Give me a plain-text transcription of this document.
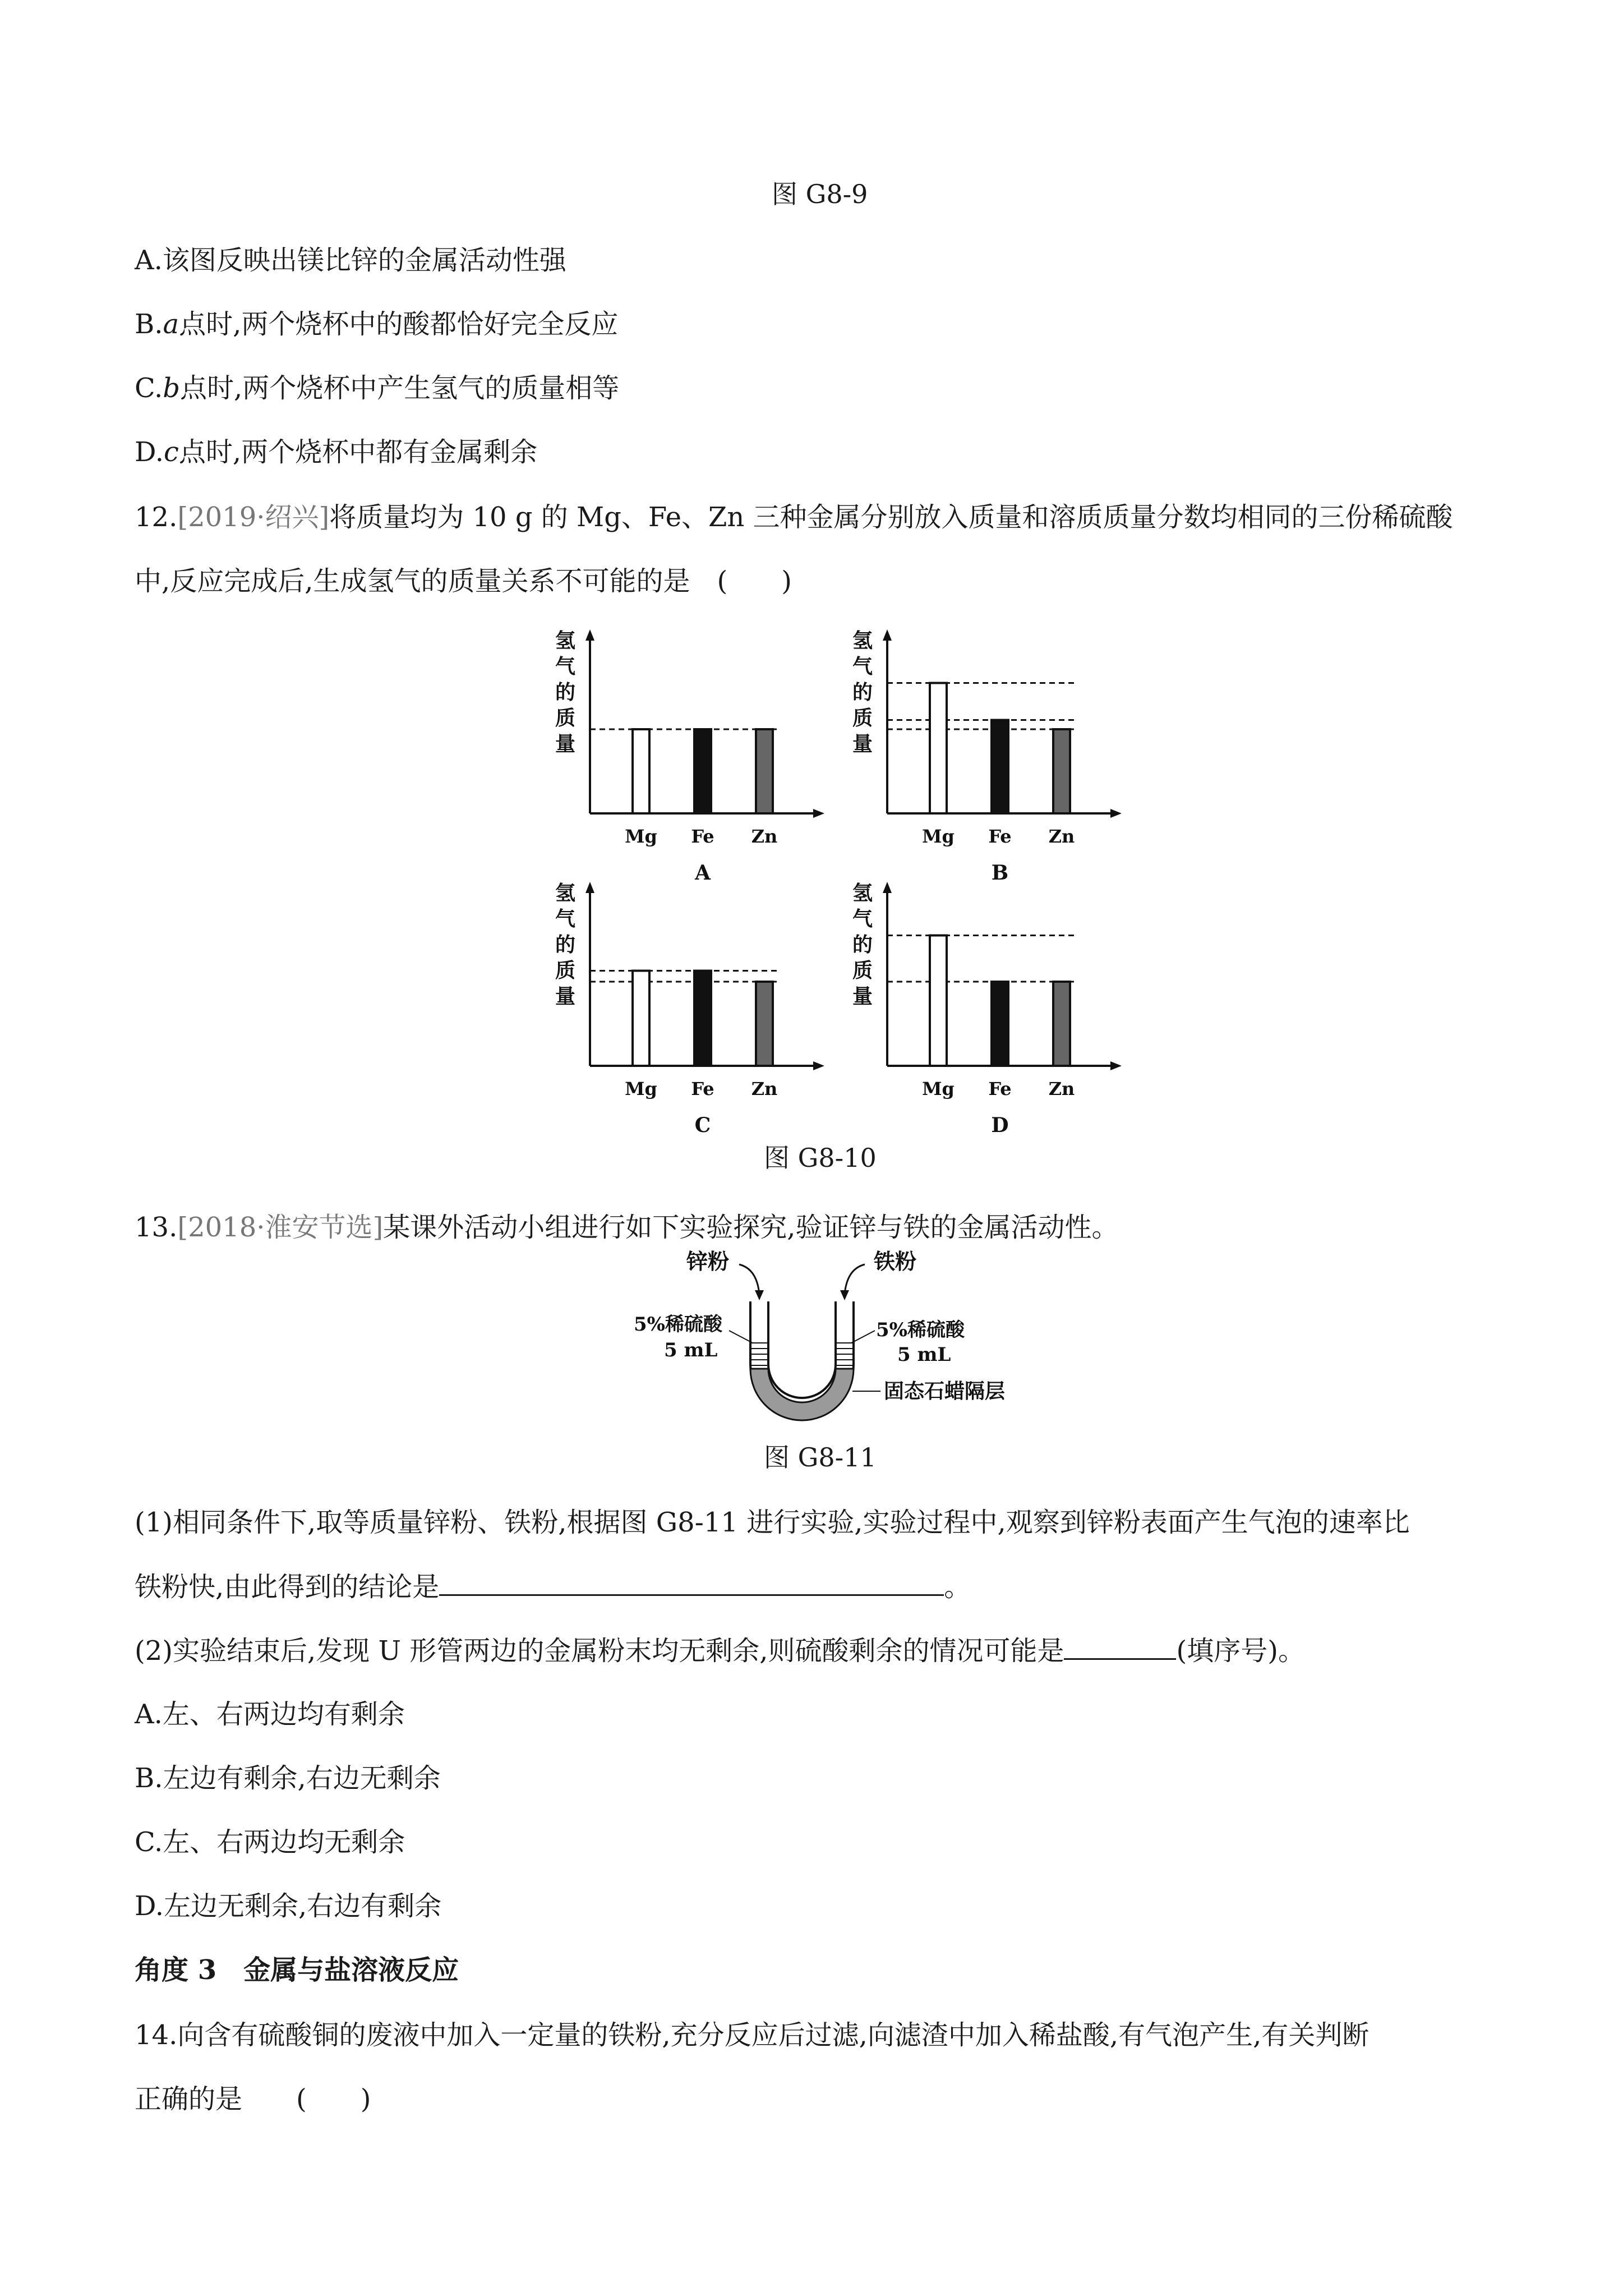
图 G8-9
A.该图反映出镁比锌的金属活动性强
B.a点时,两个烧杯中的酸都恰好完全反应
C.b点时,两个烧杯中产生氢气的质量相等
D.c点时,两个烧杯中都有金属剩余
12.[2019·绍兴]将质量均为 10 g 的 Mg、Fe、Zn 三种金属分别放入质量和溶质质量分数均相同的三份稀硫酸
中,反应完成后,生成氢气的质量关系不可能的是　(　　)
氢气的质量
Mg Fe Zn
A
氢气的质量
Mg Fe Zn
B
氢气的质量
Mg Fe Zn
C
氢气的质量
Mg Fe Zn
D
图 G8-10
13.[2018·淮安节选]某课外活动小组进行如下实验探究,验证锌与铁的金属活动性。
锌粉	铁粉
5%稀硫酸
5 mL
5%稀硫酸
5 mL
固态石蜡隔层
图 G8-11
(1)相同条件下,取等质量锌粉、铁粉,根据图 G8-11 进行实验,实验过程中,观察到锌粉表面产生气泡的速率比
铁粉快,由此得到的结论是	。
(2)实验结束后,发现 U 形管两边的金属粉末均无剩余,则硫酸剩余的情况可能是	(填序号)。
A.左、右两边均有剩余
B.左边有剩余,右边无剩余
C.左、右两边均无剩余
D.左边无剩余,右边有剩余
角度 3　金属与盐溶液反应
14.向含有硫酸铜的废液中加入一定量的铁粉,充分反应后过滤,向滤渣中加入稀盐酸,有气泡产生,有关判断
正确的是　　(　　)
